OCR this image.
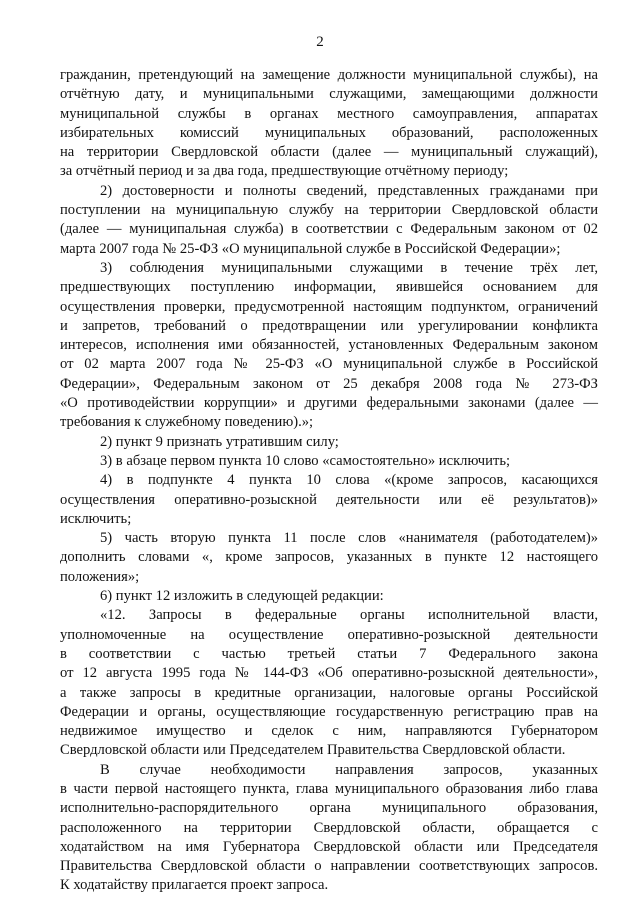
2
гражданин, претендующий на замещение должности муниципальной службы), на
отчётную дату, и муниципальными служащими, замещающими должности
муниципальной службы в органах местного самоуправления, аппаратах
избирательных комиссий муниципальных образований, расположенных
на территории Свердловской области (далее — муниципальный служащий),
за отчётный период и за два года, предшествующие отчётному периоду;
2) достоверности и полноты сведений, представленных гражданами при
поступлении на муниципальную службу на территории Свердловской области
(далее — муниципальная служба) в соответствии с Федеральным законом от 02
марта 2007 года № 25-ФЗ «О муниципальной службе в Российской Федерации»;
3) соблюдения муниципальными служащими в течение трёх лет,
предшествующих поступлению информации, явившейся основанием для
осуществления проверки, предусмотренной настоящим подпунктом, ограничений
и запретов, требований о предотвращении или урегулировании конфликта
интересов, исполнения ими обязанностей, установленных Федеральным законом
от 02 марта 2007 года № 25-ФЗ «О муниципальной службе в Российской
Федерации», Федеральным законом от 25 декабря 2008 года № 273-ФЗ
«О противодействии коррупции» и другими федеральными законами (далее —
требования к служебному поведению).»;
2) пункт 9 признать утратившим силу;
3) в абзаце первом пункта 10 слово «самостоятельно» исключить;
4) в подпункте 4 пункта 10 слова «(кроме запросов, касающихся
осуществления оперативно-розыскной деятельности или её результатов)»
исключить;
5) часть вторую пункта 11 после слов «нанимателя (работодателем)»
дополнить словами «, кроме запросов, указанных в пункте 12 настоящего
положения»;
6) пункт 12 изложить в следующей редакции:
«12. Запросы в федеральные органы исполнительной власти,
уполномоченные на осуществление оперативно-розыскной деятельности
в соответствии с частью третьей статьи 7 Федерального закона
от 12 августа 1995 года № 144-ФЗ «Об оперативно-розыскной деятельности»,
а также запросы в кредитные организации, налоговые органы Российской
Федерации и органы, осуществляющие государственную регистрацию прав на
недвижимое имущество и сделок с ним, направляются Губернатором
Свердловской области или Председателем Правительства Свердловской области.
В случае необходимости направления запросов, указанных
в части первой настоящего пункта, глава муниципального образования либо глава
исполнительно-распорядительного органа муниципального образования,
расположенного на территории Свердловской области, обращается с
ходатайством на имя Губернатора Свердловской области или Председателя
Правительства Свердловской области о направлении соответствующих запросов.
К ходатайству прилагается проект запроса.
